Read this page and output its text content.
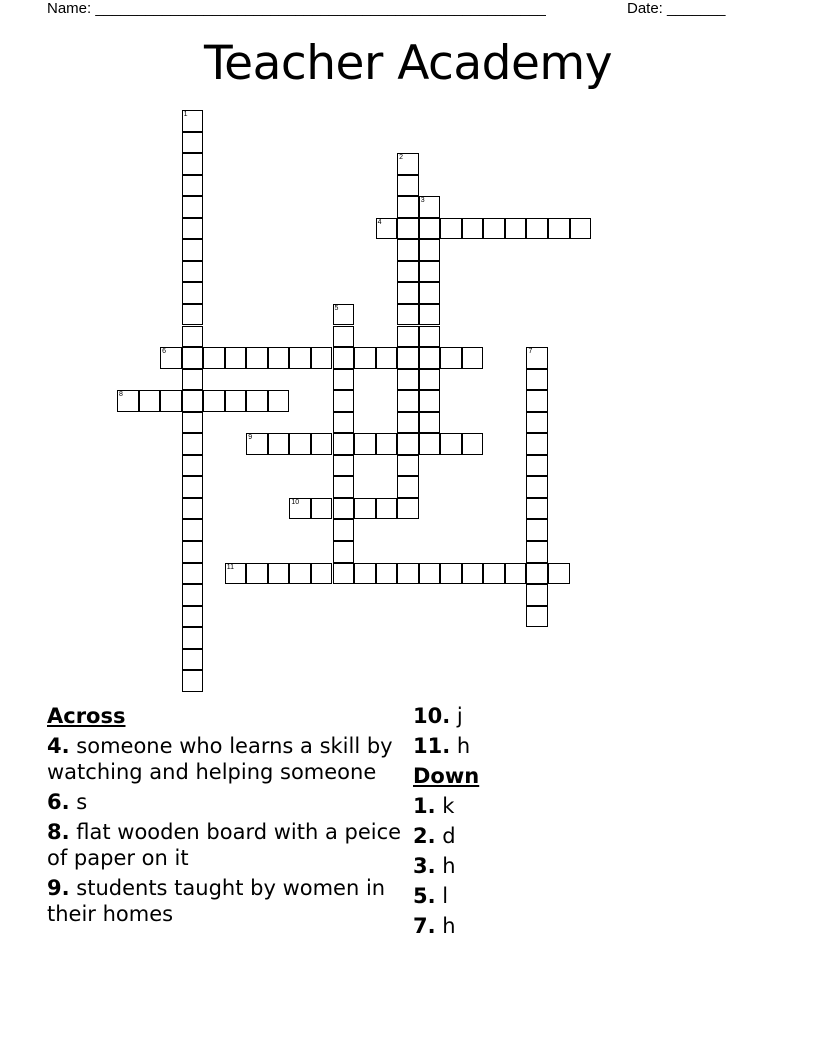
Name: ______________________________________________________	Date: _______
Teacher Academy
1
2
3
4
5
6	7
8
9
10
11
Across
4. someone who learns a skill by watching and helping someone
6. s
8. flat wooden board with a peice of paper on it
9. students taught by women in their homes
10. j
11. h
Down
1. k
2. d
3. h
5. l
7. h
